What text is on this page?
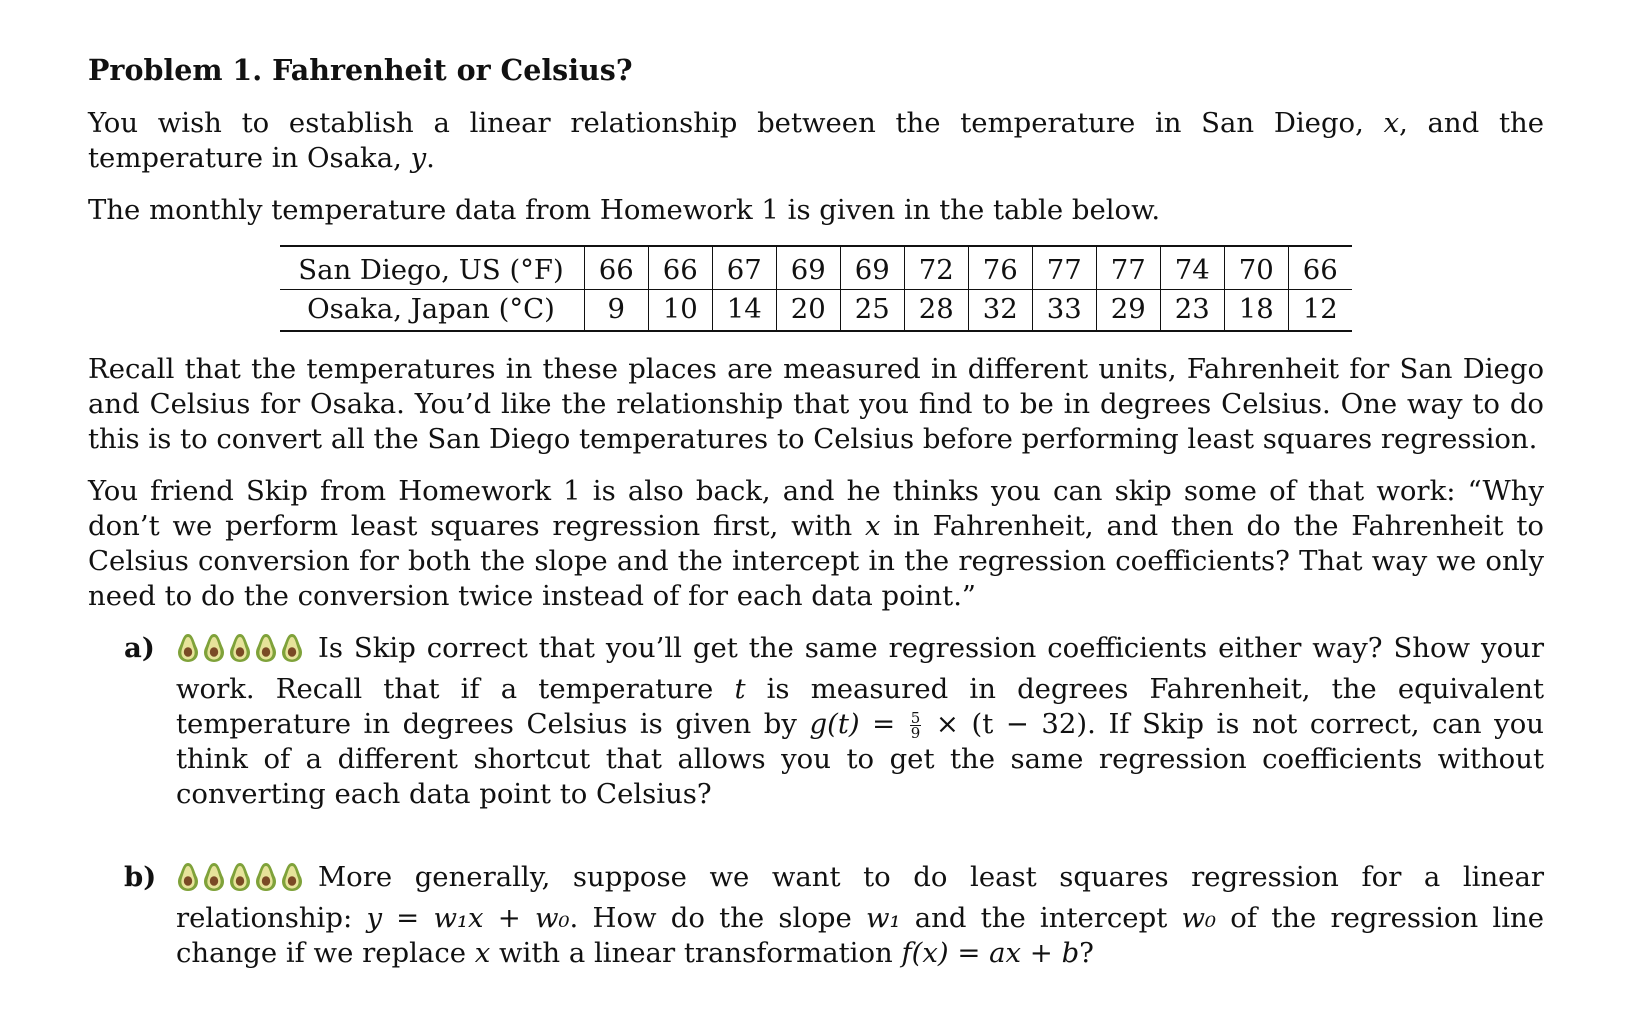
Problem 1. Fahrenheit or Celsius?

You wish to establish a linear relationship between the temperature in San Diego, x, and the temperature in Osaka, y.

The monthly temperature data from Homework 1 is given in the table below.

San Diego, US (°F)	66	66	67	69	69	72	76	77	77	74	70	66
Osaka, Japan (°C)	9	10	14	20	25	28	32	33	29	23	18	12

Recall that the temperatures in these places are measured in different units, Fahrenheit for San Diego and Celsius for Osaka. You’d like the relationship that you find to be in degrees Celsius. One way to do this is to convert all the San Diego temperatures to Celsius before performing least squares regression.

You friend Skip from Homework 1 is also back, and he thinks you can skip some of that work: “Why don’t we perform least squares regression first, with x in Fahrenheit, and then do the Fahrenheit to Celsius conversion for both the slope and the intercept in the regression coefficients? That way we only need to do the conversion twice instead of for each data point.”

a)	Is Skip correct that you’ll get the same regression coefficients either way? Show your work. Recall that if a temperature t is measured in degrees Fahrenheit, the equivalent temperature in degrees Celsius is given by $g(t) = \frac{5}{9} \times (t - 32)$. If Skip is not correct, can you think of a different shortcut that allows you to get the same regression coefficients without converting each data point to Celsius?
b)	More generally, suppose we want to do least squares regression for a linear relationship: y = w₁x + w₀. How do the slope w₁ and the intercept w₀ of the regression line change if we replace x with a linear transformation f(x) = ax + b?
